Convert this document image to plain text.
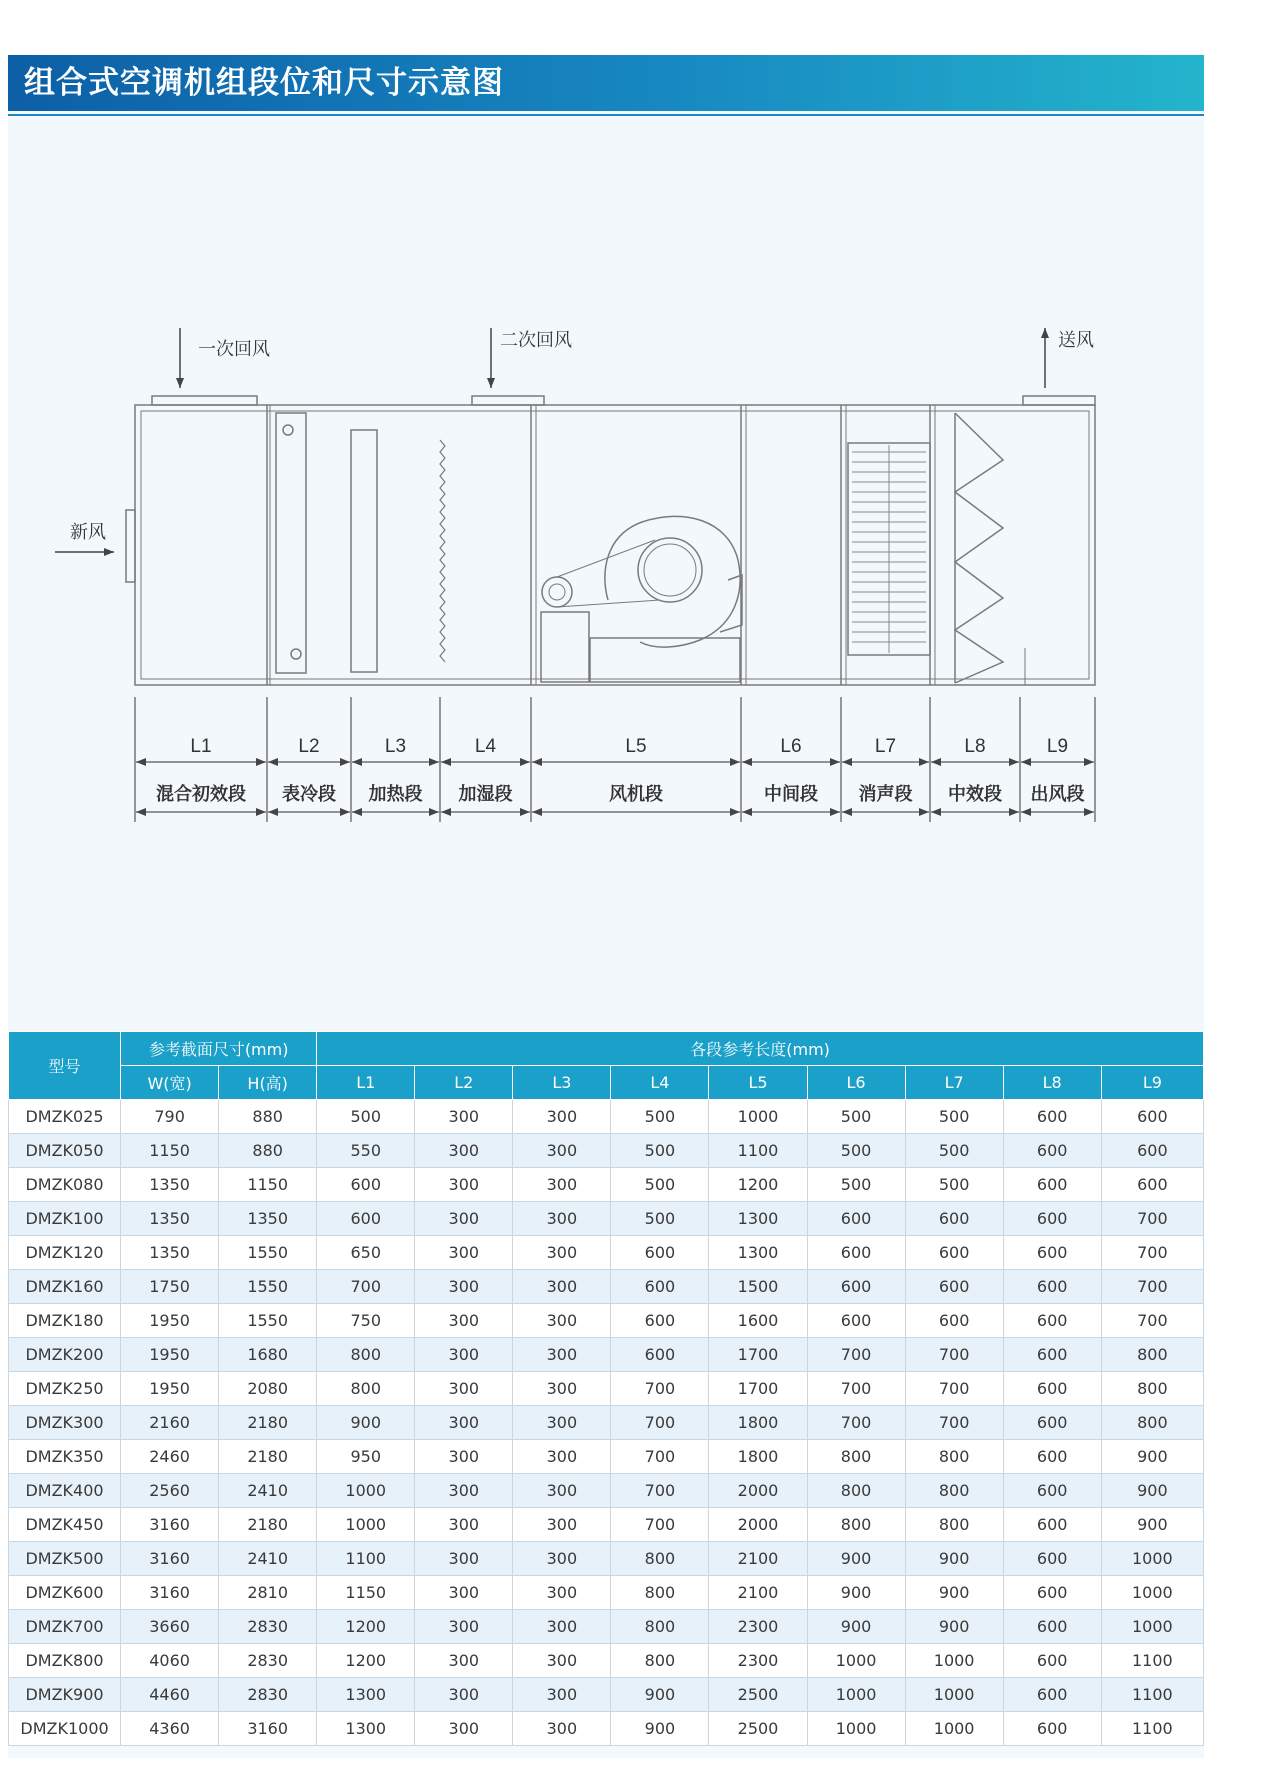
组合式空调机组段位和尺寸示意图
一次回风	二次回风	送风
新风
L1
混合初效段
L2
表冷段
L3
加热段
L4
加湿段
L5
风机段
L6
中间段
L7
消声段
L8
中效段
L9
出风段
型号	参考截面尺寸(mm)		各段参考长度(mm)								
	W(宽)	H(高)	L1	L2	L3	L4	L5	L6	L7	L8	L9
DMZK025	790	880	500	300	300	500	1000	500	500	600	600
DMZK050	1150	880	550	300	300	500	1100	500	500	600	600
DMZK080	1350	1150	600	300	300	500	1200	500	500	600	600
DMZK100	1350	1350	600	300	300	500	1300	600	600	600	700
DMZK120	1350	1550	650	300	300	600	1300	600	600	600	700
DMZK160	1750	1550	700	300	300	600	1500	600	600	600	700
DMZK180	1950	1550	750	300	300	600	1600	600	600	600	700
DMZK200	1950	1680	800	300	300	600	1700	700	700	600	800
DMZK250	1950	2080	800	300	300	700	1700	700	700	600	800
DMZK300	2160	2180	900	300	300	700	1800	700	700	600	800
DMZK350	2460	2180	950	300	300	700	1800	800	800	600	900
DMZK400	2560	2410	1000	300	300	700	2000	800	800	600	900
DMZK450	3160	2180	1000	300	300	700	2000	800	800	600	900
DMZK500	3160	2410	1100	300	300	800	2100	900	900	600	1000
DMZK600	3160	2810	1150	300	300	800	2100	900	900	600	1000
DMZK700	3660	2830	1200	300	300	800	2300	900	900	600	1000
DMZK800	4060	2830	1200	300	300	800	2300	1000	1000	600	1100
DMZK900	4460	2830	1300	300	300	900	2500	1000	1000	600	1100
DMZK1000	4360	3160	1300	300	300	900	2500	1000	1000	600	1100
